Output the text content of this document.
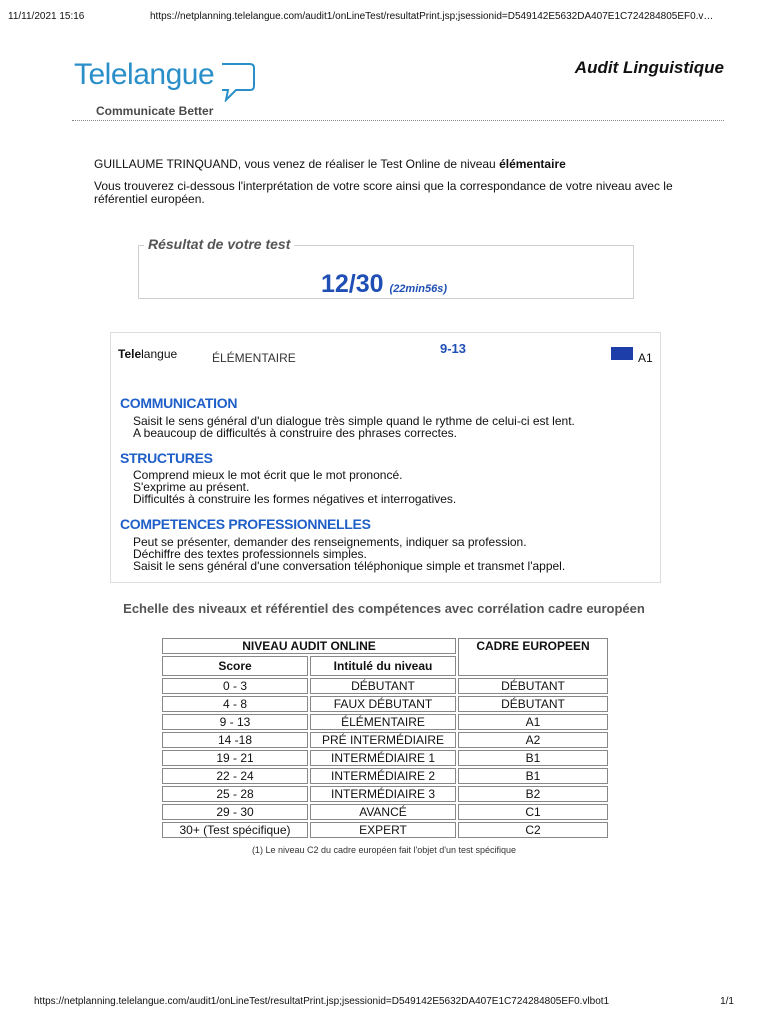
11/11/2021 15:16	https://netplanning.telelangue.com/audit1/onLineTest/resultatPrint.jsp;jsessionid=D549142E5632DA407E1C724284805EF0.v…
Telelangue
Communicate Better
Audit Linguistique
GUILLAUME TRINQUAND, vous venez de réaliser le Test Online de niveau élémentaire
Vous trouverez ci-dessous l'interprétation de votre score ainsi que la correspondance de votre niveau avec le référentiel européen.
Résultat de votre test
12/30 (22min56s)
Telelangue	ÉLÉMENTAIRE
9-13
A1
COMMUNICATION
Saisit le sens général d'un dialogue très simple quand le rythme de celui-ci est lent.
A beaucoup de difficultés à construire des phrases correctes.
STRUCTURES
Comprend mieux le mot écrit que le mot prononcé.
S'exprime au présent.
Difficultés à construire les formes négatives et interrogatives.
COMPETENCES PROFESSIONNELLES
Peut se présenter, demander des renseignements, indiquer sa profession.
Déchiffre des textes professionnels simples.
Saisit le sens général d'une conversation téléphonique simple et transmet l'appel.
Echelle des niveaux et référentiel des compétences avec corrélation cadre européen
NIVEAU AUDIT ONLINE		CADRE EUROPEEN
Score	Intitulé du niveau	
0 - 3	DÉBUTANT	DÉBUTANT
4 - 8	FAUX DÉBUTANT	DÉBUTANT
9 - 13	ÉLÉMENTAIRE	A1
14 -18	PRÉ INTERMÉDIAIRE	A2
19 - 21	INTERMÉDIAIRE 1	B1
22 - 24	INTERMÉDIAIRE 2	B1
25 - 28	INTERMÉDIAIRE 3	B2
29 - 30	AVANCÉ	C1
30+ (Test spécifique)	EXPERT	C2
(1) Le niveau C2 du cadre européen fait l'objet d'un test spécifique
https://netplanning.telelangue.com/audit1/onLineTest/resultatPrint.jsp;jsessionid=D549142E5632DA407E1C724284805EF0.vlbot1	1/1
